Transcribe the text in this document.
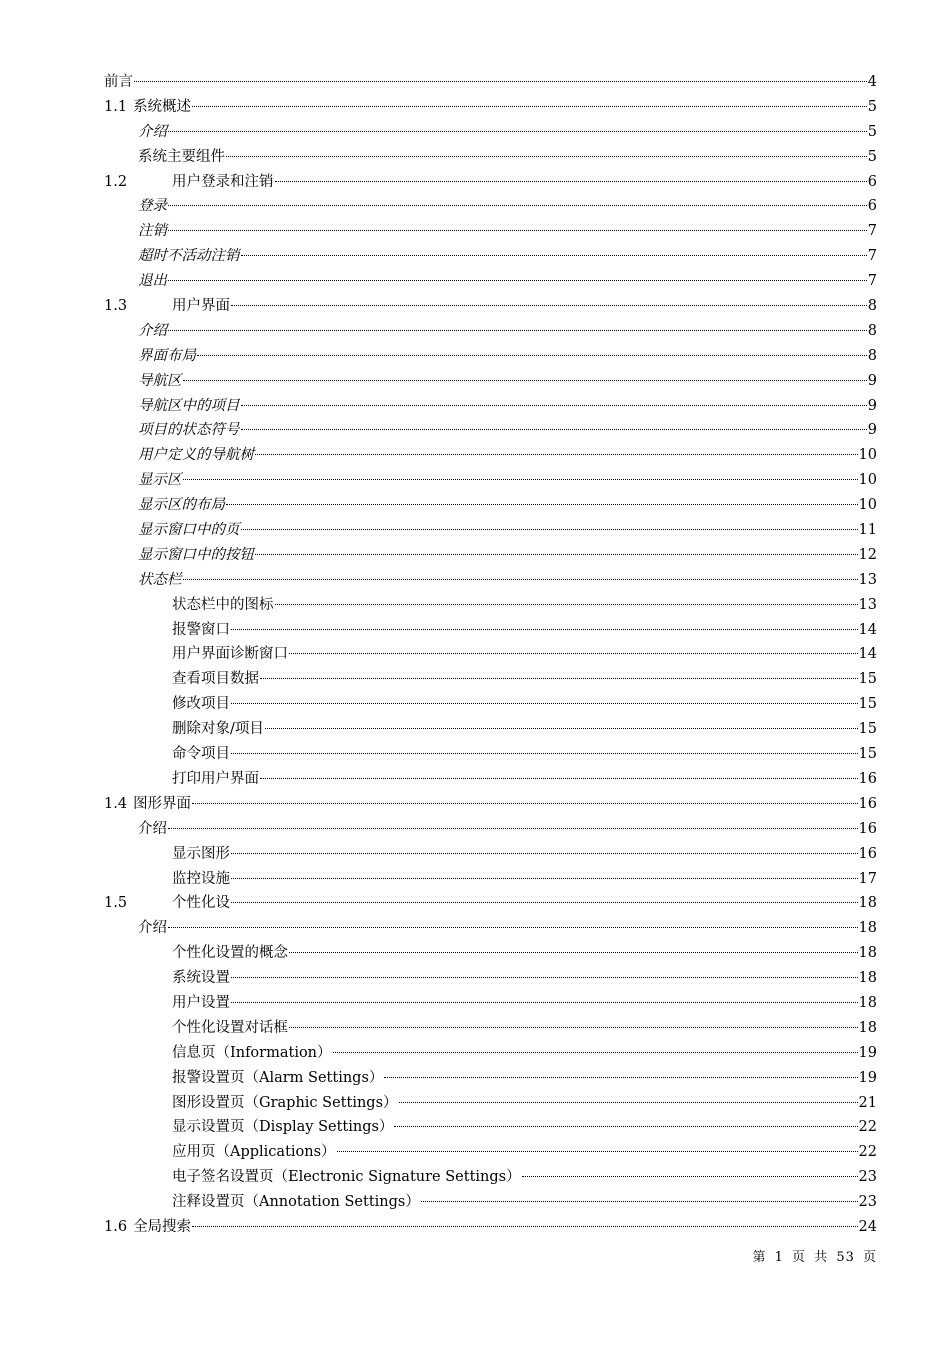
前言	4
1.1 系统概述	5
介绍	5
系统主要组件	5
1.2	用户登录和注销	6
登录	6
注销	7
超时不活动注销	7
退出	7
1.3	用户界面	8
介绍	8
界面布局	8
导航区	9
导航区中的项目	9
项目的状态符号	9
用户定义的导航树	10
显示区	10
显示区的布局	10
显示窗口中的页	11
显示窗口中的按钮	12
状态栏	13
状态栏中的图标	13
报警窗口	14
用户界面诊断窗口	14
查看项目数据	15
修改项目	15
删除对象/项目	15
命令项目	15
打印用户界面	16
1.4 图形界面	16
介绍	16
显示图形	16
监控设施	17
1.5	个性化设	18
介绍	18
个性化设置的概念	18
系统设置	18
用户设置	18
个性化设置对话框	18
信息页（Information）	19
报警设置页（Alarm Settings）	19
图形设置页（Graphic Settings）	21
显示设置页（Display Settings）	22
应用页（Applications）	22
电子签名设置页（Electronic Signature Settings）	23
注释设置页（Annotation Settings）	23
1.6 全局搜索	24
第 1 页 共 53 页
